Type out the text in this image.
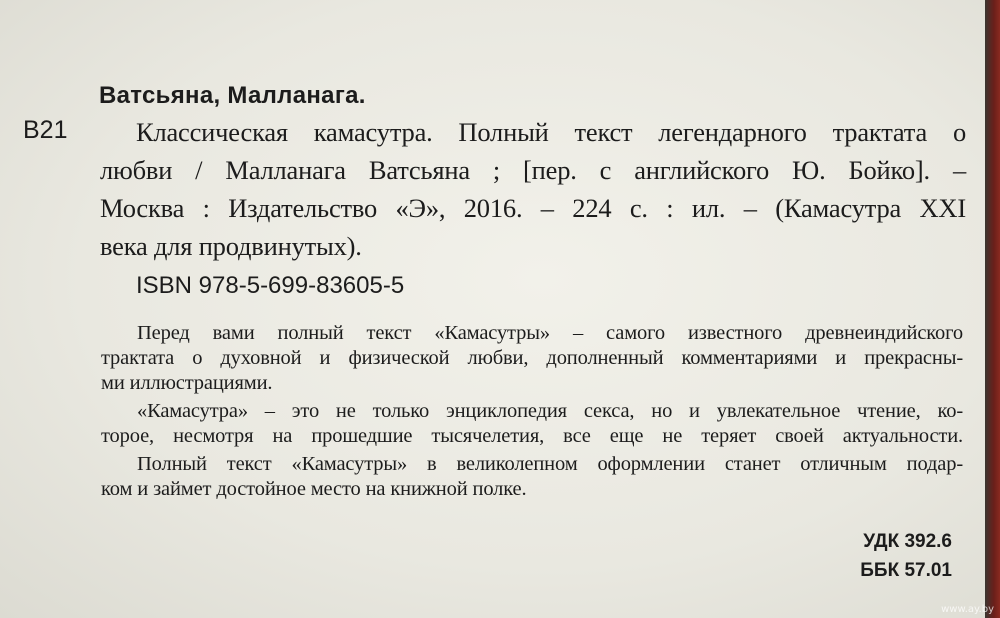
Ватсьяна, Малланага.
В21	Классическая камасутра. Полный текст легендарного трактата о
любви / Малланага Ватсьяна ; [пер. с английского Ю. Бойко]. –
Москва : Издательство «Э», 2016. – 224 с. : ил. – (Камасутра XXI
века для продвинутых).
ISBN 978-5-699-83605-5
Перед вами полный текст «Камасутры» – самого известного древнеиндийского
трактата о духовной и физической любви, дополненный комментариями и прекрасны-
ми иллюстрациями.
«Камасутра» – это не только энциклопедия секса, но и увлекательное чтение, ко-
торое, несмотря на прошедшие тысячелетия, все еще не теряет своей актуальности.
Полный текст «Камасутры» в великолепном оформлении станет отличным подар-
ком и займет достойное место на книжной полке.
УДК 392.6
ББК 57.01
www.ay.by
